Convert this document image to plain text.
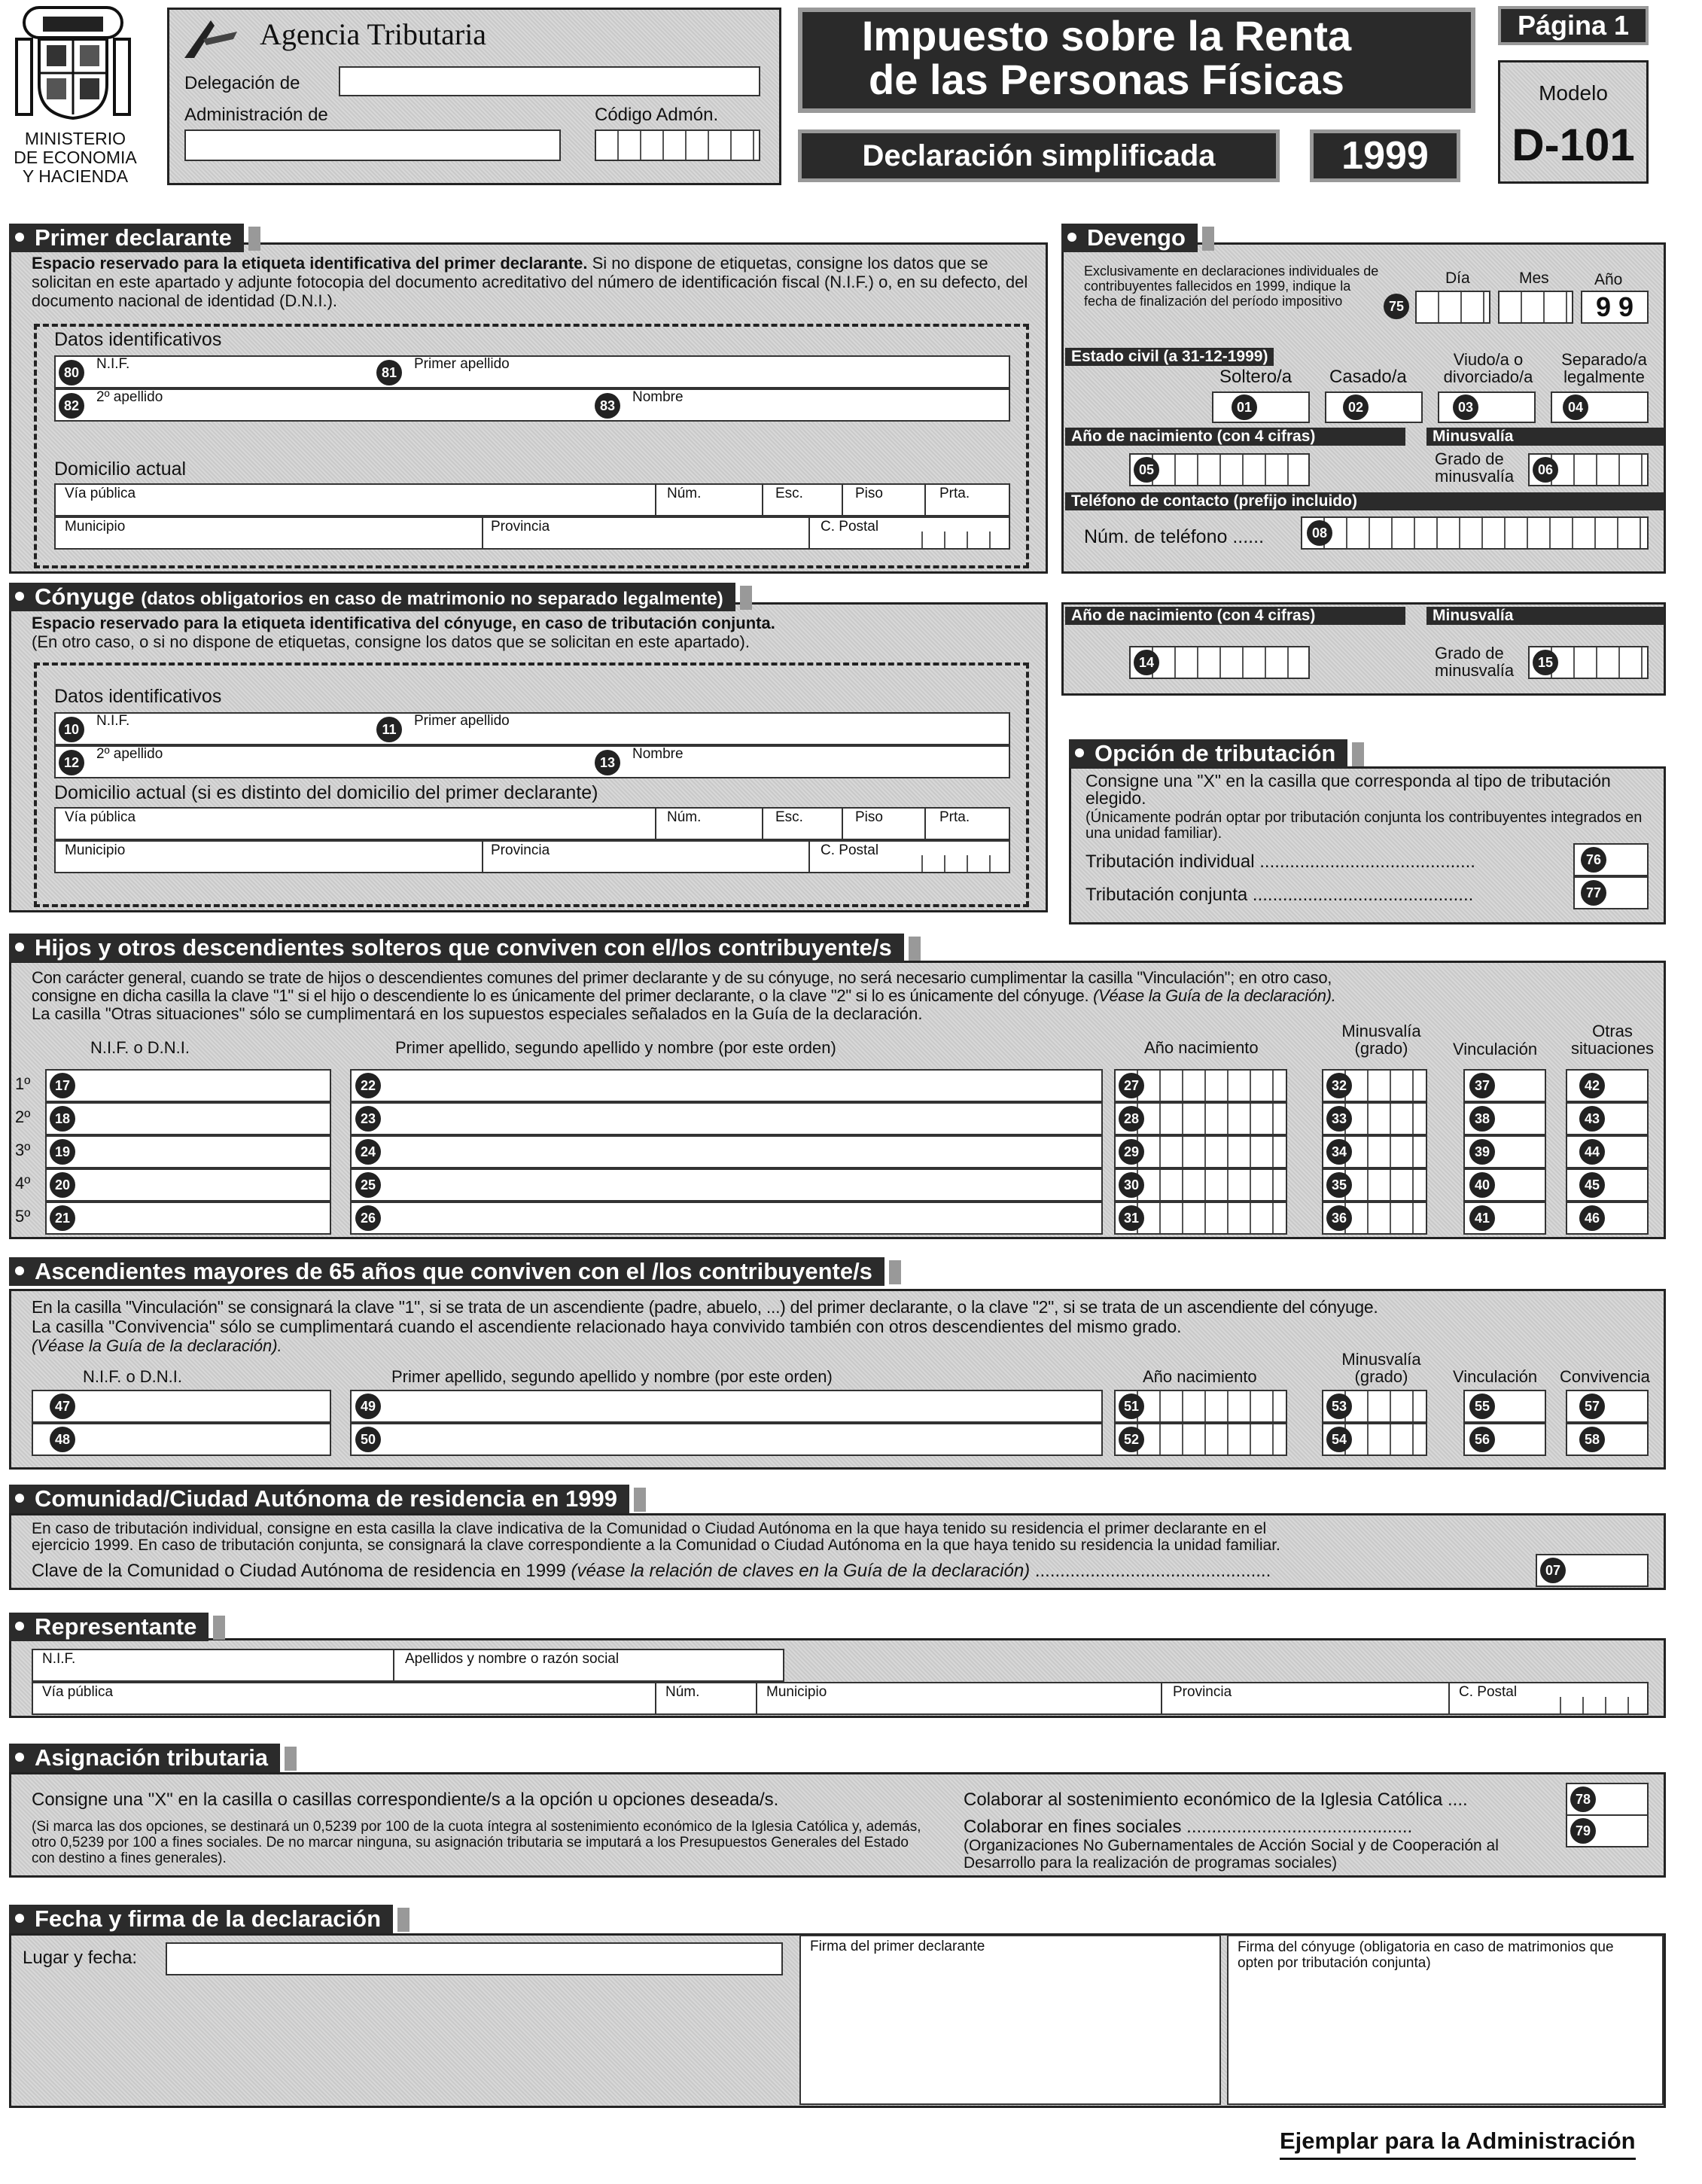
MINISTERIO
DE ECONOMIA
Y HACIENDA
Agencia Tributaria
Delegación de
Administración de	Código Admón.
Impuesto sobre la Renta
de las Personas Físicas
Declaración simplificada	1999
Página 1
Modelo
D-101
Primer declarante
Espacio reservado para la etiqueta identificativa del primer declarante. Si no dispone de etiquetas, consigne los datos que se solicitan en este apartado y adjunte fotocopia del documento acreditativo del número de identificación fiscal (N.I.F.) o, en su defecto, del documento nacional de identidad (D.N.I.).
Datos identificativos
80
N.I.F.
81
Primer apellido
82
2º apellido
83
Nombre
Domicilio actual
Vía pública	Núm.	Esc.	Piso	Prta.
Municipio	Provincia	C. Postal
Devengo
Exclusivamente en declaraciones individuales de contribuyentes fallecidos en 1999, indique la fecha de finalización del período impositivo	75
Día	Mes	Año
9 9
Estado civil (a 31-12-1999)
Soltero/a Casado/a
Viudo/a o divorciado/a
Separado/a legalmente
01	02	03	04
Año de nacimiento (con 4 cifras)	Minusvalía
05
Grado de minusvalía	06
Teléfono de contacto (prefijo incluido)
Núm. de teléfono ......	08
Cónyuge (datos obligatorios en caso de matrimonio no separado legalmente)
Espacio reservado para la etiqueta identificativa del cónyuge, en caso de tributación conjunta.
(En otro caso, o si no dispone de etiquetas, consigne los datos que se solicitan en este apartado).
Datos identificativos
10
N.I.F.
11
Primer apellido
12
2º apellido
13
Nombre
Domicilio actual (si es distinto del domicilio del primer declarante)
Vía pública	Núm.	Esc.	Piso	Prta.
Municipio	Provincia	C. Postal
Año de nacimiento (con 4 cifras)	Minusvalía
14	Grado de minusvalía	15
Opción de tributación
Consigne una "X" en la casilla que corresponda al tipo de tributación elegido.
(Únicamente podrán optar por tributación conjunta los contribuyentes integrados en una unidad familiar).
Tributación individual ...........................................	76
Tributación conjunta ............................................	77
Hijos y otros descendientes solteros que conviven con el/los contribuyente/s
Con carácter general, cuando se trate de hijos o descendientes comunes del primer declarante y de su cónyuge, no será necesario cumplimentar la casilla "Vinculación"; en otro caso,
consigne en dicha casilla la clave "1" si el hijo o descendiente lo es únicamente del primer declarante, o la clave "2" si lo es únicamente del cónyuge. (Véase la Guía de la declaración).
La casilla "Otras situaciones" sólo se cumplimentará en los supuestos especiales señalados en la Guía de la declaración.
N.I.F. o D.N.I.	Primer apellido, segundo apellido y nombre (por este orden)	Año nacimiento
Minusvalía (grado)	Vinculación
Otras situaciones
1º	17	22	27	32	37	42
2º	18	23	28	33	38	43
3º	19	24	29	34	39	44
4º	20	25	30	35	40	45
5º	21	26	31	36	41	46
Ascendientes mayores de 65 años que conviven con el /los contribuyente/s
En la casilla "Vinculación" se consignará la clave "1", si se trata de un ascendiente (padre, abuelo, ...) del primer declarante, o la clave "2", si se trata de un ascendiente del cónyuge.
La casilla "Convivencia" sólo se cumplimentará cuando el ascendiente relacionado haya convivido también con otros descendientes del mismo grado.
(Véase la Guía de la declaración).
N.I.F. o D.N.I.	Primer apellido, segundo apellido y nombre (por este orden)	Año nacimiento
Minusvalía (grado)	Vinculación Convivencia
47	49	51	53	55	57
48	50	52	54	56	58
Comunidad/Ciudad Autónoma de residencia en 1999
En caso de tributación individual, consigne en esta casilla la clave indicativa de la Comunidad o Ciudad Autónoma en la que haya tenido su residencia el primer declarante en el
ejercicio 1999. En caso de tributación conjunta, se consignará la clave correspondiente a la Comunidad o Ciudad Autónoma en la que haya tenido su residencia la unidad familiar.
Clave de la Comunidad o Ciudad Autónoma de residencia en 1999 (véase la relación de claves en la Guía de la declaración) ...............................................	07
Representante
N.I.F.	Apellidos y nombre o razón social
Vía pública	Núm.	Municipio	Provincia	C. Postal
Asignación tributaria
Consigne una "X" en la casilla o casillas correspondiente/s a la opción u opciones deseada/s.
(Si marca las dos opciones, se destinará un 0,5239 por 100 de la cuota íntegra al sostenimiento económico de la Iglesia Católica y, además, otro 0,5239 por 100 a fines sociales. De no marcar ninguna, su asignación tributaria se imputará a los Presupuestos Generales del Estado con destino a fines generales).
Colaborar al sostenimiento económico de la Iglesia Católica ....	78
Colaborar en fines sociales .............................................	79
(Organizaciones No Gubernamentales de Acción Social y de Cooperación al Desarrollo para la realización de programas sociales)
Fecha y firma de la declaración
Lugar y fecha:
Firma del primer declarante	Firma del cónyuge (obligatoria en caso de matrimonios que opten por tributación conjunta)
Ejemplar para la Administración
